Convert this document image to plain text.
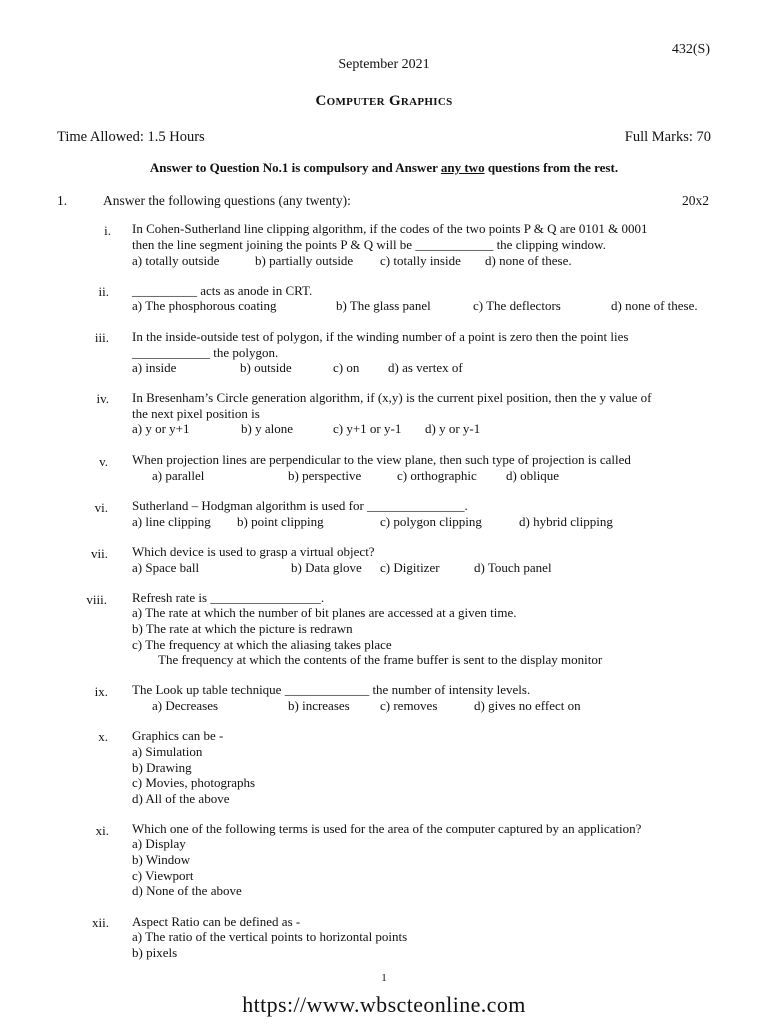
432(S)
September 2021
Computer Graphics
Time Allowed: 1.5 Hours	Full Marks: 70
Answer to Question No.1 is compulsory and Answer any two questions from the rest.
1.	Answer the following questions (any twenty):	20x2
i. In Cohen-Sutherland line clipping algorithm, if the codes of the two points P & Q are 0101 & 0001
then the line segment joining the points P & Q will be ____________ the clipping window.
a) totally outside	b) partially outside c) totally inside d) none of these.
ii. __________ acts as anode in CRT.
a) The phosphorous coating	b) The glass panel	c) The deflectors	d) none of these.
iii. In the inside-outside test of polygon, if the winding number of a point is zero then the point lies
____________ the polygon.
a) inside	b) outside	c) on d) as vertex of
iv. In Bresenham’s Circle generation algorithm, if (x,y) is the current pixel position, then the y value of
the next pixel position is
a) y or y+1	b) y alone	c) y+1 or y-1 d) y or y-1
v. When projection lines are perpendicular to the view plane, then such type of projection is called
a) parallel	b) perspective	c) orthographic d) oblique
vi. Sutherland – Hodgman algorithm is used for _______________.
a) line clipping b) point clipping	c) polygon clipping	d) hybrid clipping
vii. Which device is used to grasp a virtual object?
a) Space ball	b) Data glove c) Digitizer	d) Touch panel
viii. Refresh rate is _________________.
a) The rate at which the number of bit planes are accessed at a given time.
b) The rate at which the picture is redrawn
c) The frequency at which the aliasing takes place
The frequency at which the contents of the frame buffer is sent to the display monitor
ix. The Look up table technique _____________ the number of intensity levels.
a) Decreases	b) increases c) removes	d) gives no effect on
x. Graphics can be -
a) Simulation
b) Drawing
c) Movies, photographs
d) All of the above
xi. Which one of the following terms is used for the area of the computer captured by an application?
a) Display
b) Window
c) Viewport
d) None of the above
xii. Aspect Ratio can be defined as -
a) The ratio of the vertical points to horizontal points
b) pixels
1
https://www.wbscteonline.com
